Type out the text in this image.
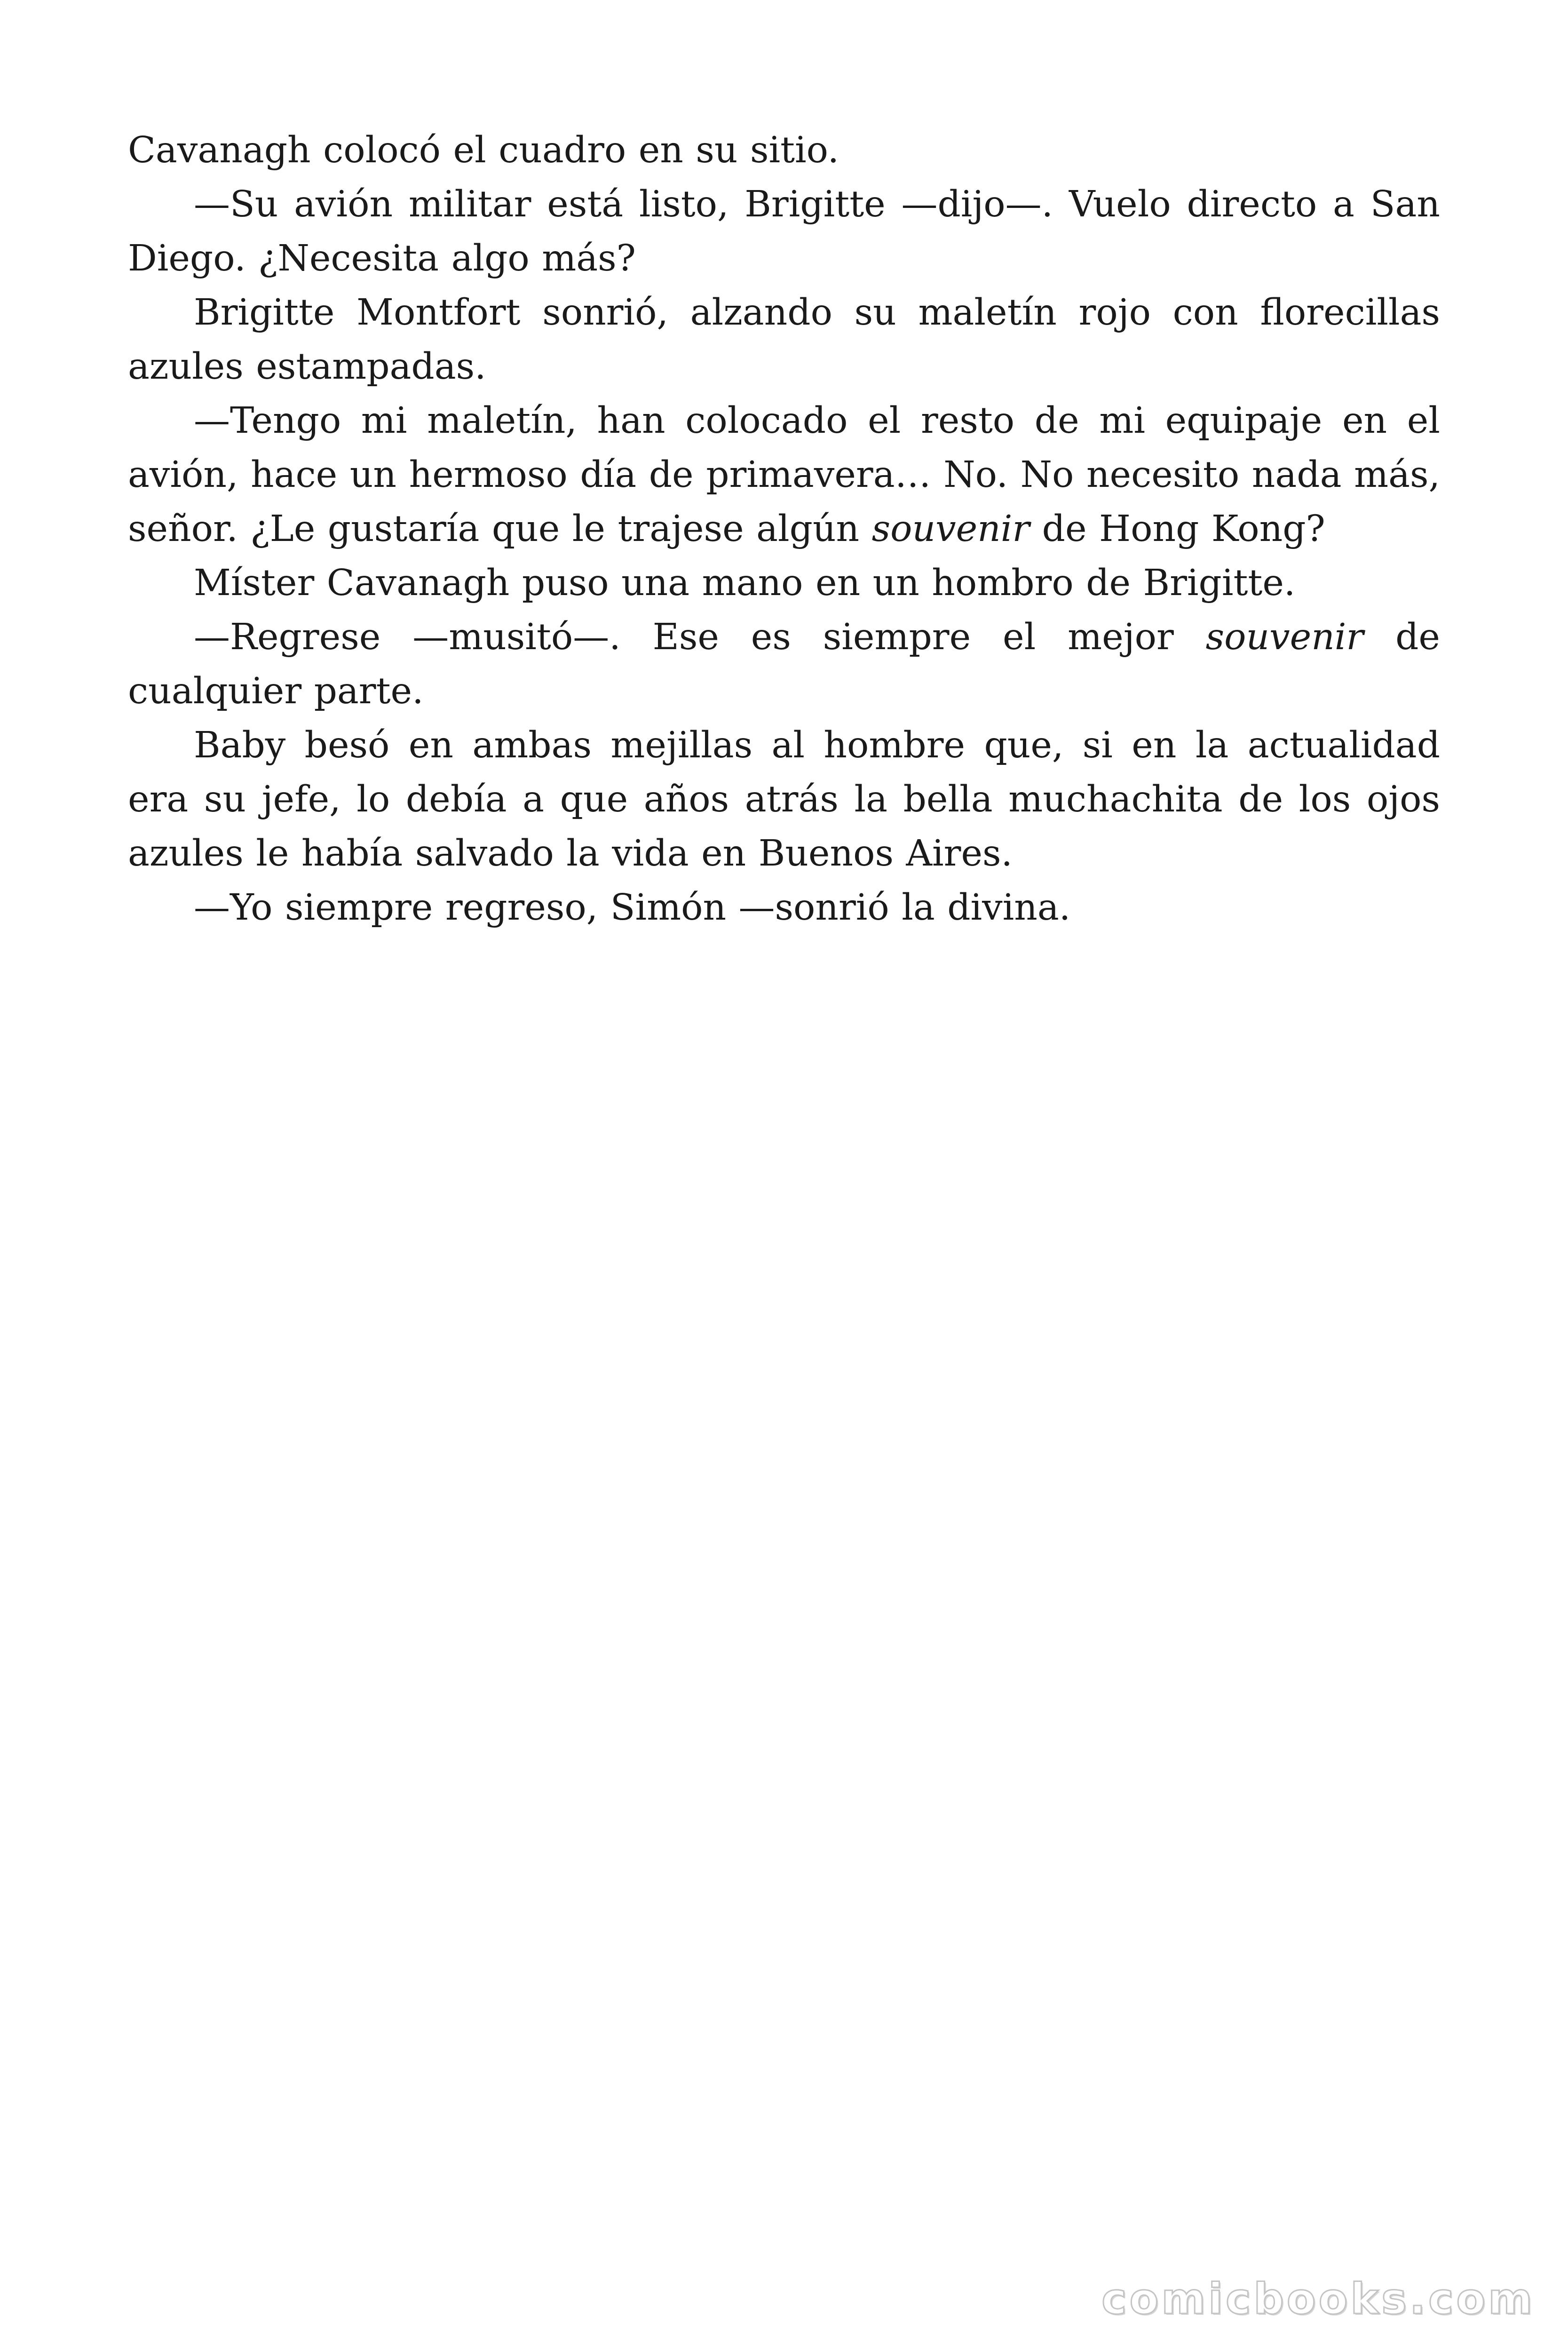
Cavanagh colocó el cuadro en su sitio.

—Su avión militar está listo, Brigitte —dijo—. Vuelo directo a San Diego. ¿Necesita algo más?

Brigitte Montfort sonrió, alzando su maletín rojo con florecillas azules estampadas.

—Tengo mi maletín, han colocado el resto de mi equipaje en el avión, hace un hermoso día de primavera… No. No necesito nada más, señor. ¿Le gustaría que le trajese algún souvenir de Hong Kong?

Míster Cavanagh puso una mano en un hombro de Brigitte.

—Regrese —musitó—. Ese es siempre el mejor souvenir de cualquier parte.

Baby besó en ambas mejillas al hombre que, si en la actualidad era su jefe, lo debía a que años atrás la bella muchachita de los ojos azules le había salvado la vida en Buenos Aires.

—Yo siempre regreso, Simón —sonrió la divina.

comicbooks.com
